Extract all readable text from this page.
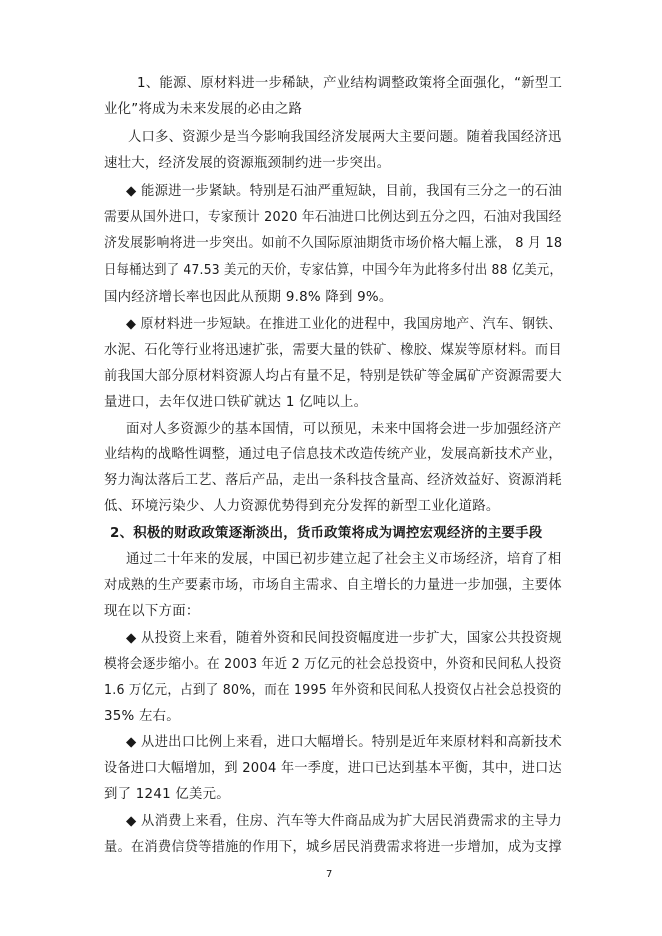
1、能源、原材料进一步稀缺，产业结构调整政策将全面强化，“新型工
业化”将成为未来发展的必由之路
人口多、资源少是当今影响我国经济发展两大主要问题。随着我国经济迅
速壮大，经济发展的资源瓶颈制约进一步突出。
◆ 能源进一步紧缺。特别是石油严重短缺，目前，我国有三分之一的石油
需要从国外进口，专家预计 2020 年石油进口比例达到五分之四，石油对我国经
济发展影响将进一步突出。如前不久国际原油期货市场价格大幅上涨， 8 月 18
日每桶达到了 47.53 美元的天价，专家估算，中国今年为此将多付出 88 亿美元，
国内经济增长率也因此从预期 9.8% 降到 9%。
◆ 原材料进一步短缺。在推进工业化的进程中，我国房地产、汽车、钢铁、
水泥、石化等行业将迅速扩张，需要大量的铁矿、橡胶、煤炭等原材料。而目
前我国大部分原材料资源人均占有量不足，特别是铁矿等金属矿产资源需要大
量进口，去年仅进口铁矿就达 1 亿吨以上。
面对人多资源少的基本国情，可以预见，未来中国将会进一步加强经济产
业结构的战略性调整，通过电子信息技术改造传统产业，发展高新技术产业，
努力淘汰落后工艺、落后产品，走出一条科技含量高、经济效益好、资源消耗
低、环境污染少、人力资源优势得到充分发挥的新型工业化道路。
2、积极的财政政策逐渐淡出，货币政策将成为调控宏观经济的主要手段
通过二十年来的发展，中国已初步建立起了社会主义市场经济，培育了相
对成熟的生产要素市场，市场自主需求、自主增长的力量进一步加强，主要体
现在以下方面：
◆ 从投资上来看，随着外资和民间投资幅度进一步扩大，国家公共投资规
模将会逐步缩小。在 2003 年近 2 万亿元的社会总投资中，外资和民间私人投资
1.6 万亿元，占到了 80%，而在 1995 年外资和民间私人投资仅占社会总投资的
35% 左右。
◆ 从进出口比例上来看，进口大幅增长。特别是近年来原材料和高新技术
设备进口大幅增加，到 2004 年一季度，进口已达到基本平衡，其中，进口达
到了 1241 亿美元。
◆ 从消费上来看，住房、汽车等大件商品成为扩大居民消费需求的主导力
量。在消费信贷等措施的作用下，城乡居民消费需求将进一步增加，成为支撑
7
